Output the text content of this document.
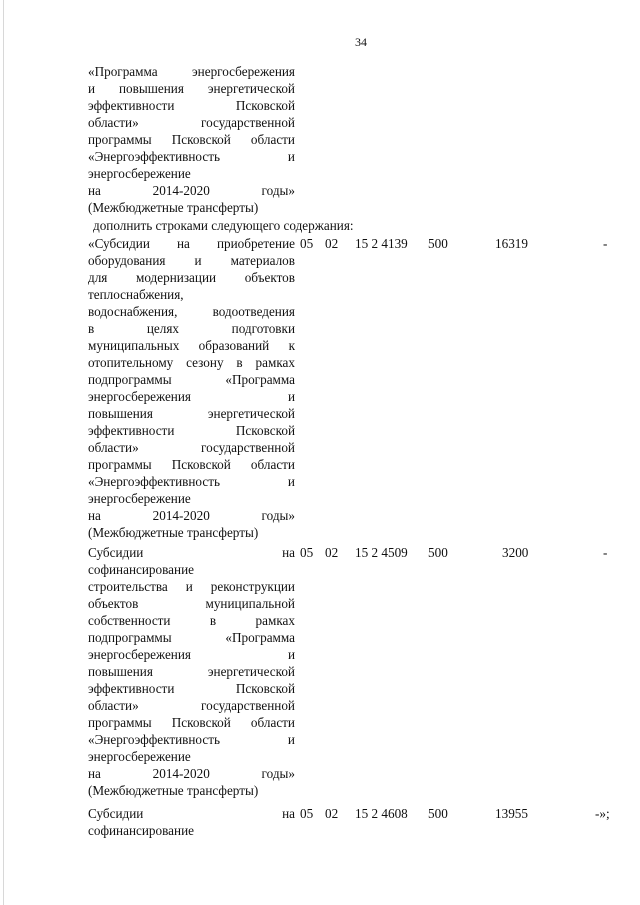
34
«Программа энергосбережения
и повышения энергетической
эффективности Псковской
области» государственной
программы Псковской области
«Энергоэффективность и
энергосбережение
на 2014-2020 годы»
(Межбюджетные трансферты)
дополнить строками следующего содержания:
«Субсидии на приобретение
оборудования и материалов
для модернизации объектов
теплоснабжения,
водоснабжения, водоотведения
в целях подготовки
муниципальных образований к
отопительному сезону в рамках
подпрограммы «Программа
энергосбережения и
повышения энергетической
эффективности Псковской
области» государственной
программы Псковской области
«Энергоэффективность и
энергосбережение
на 2014-2020 годы»
(Межбюджетные трансферты)
05 02 15 2 4139 500	16319	-
Субсидии на
софинансирование
строительства и реконструкции
объектов муниципальной
собственности в рамках
подпрограммы «Программа
энергосбережения и
повышения энергетической
эффективности Псковской
области» государственной
программы Псковской области
«Энергоэффективность и
энергосбережение
на 2014-2020 годы»
(Межбюджетные трансферты)
05 02 15 2 4509 500	3200	-
Субсидии на
софинансирование
05 02 15 2 4608 500	13955	-»;
